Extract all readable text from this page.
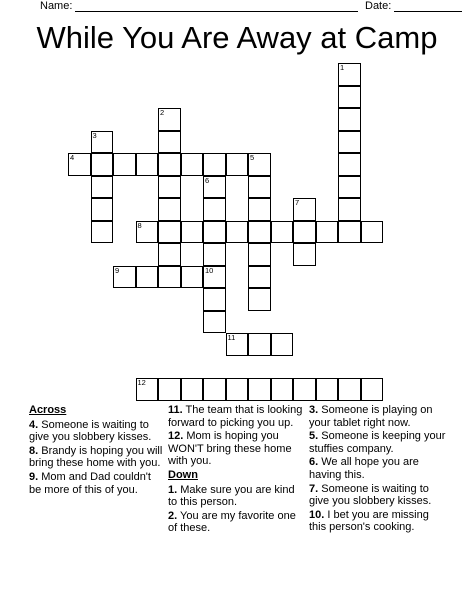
Name:	Date:
While You Are Away at Camp
1
2
3
4	5
6
10
7
8
9
11
12
Across
4. Someone is waiting to give you slobbery kisses.
8. Brandy is hoping you will bring these home with you.
9. Mom and Dad couldn't be more of this of you.
11. The team that is looking forward to picking you up.
12. Mom is hoping you WON'T bring these home with you.
Down
1. Make sure you are kind to this person.
2. You are my favorite one of these.
3. Someone is playing on your tablet right now.
5. Someone is keeping your stuffies company.
6. We all hope you are having this.
7. Someone is waiting to give you slobbery kisses.
10. I bet you are missing this person's cooking.
